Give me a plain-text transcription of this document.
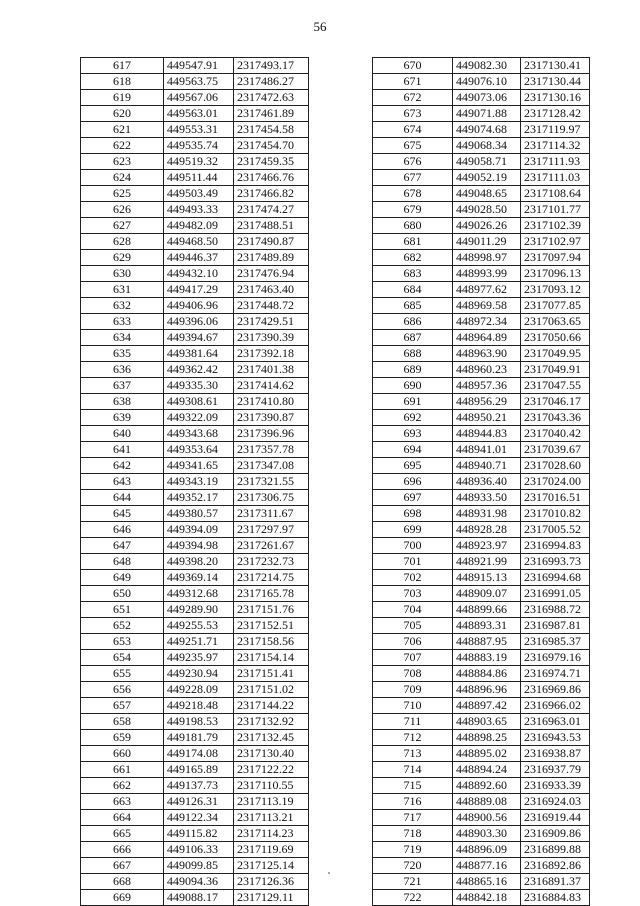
56
617	449547.91	2317493.17
618	449563.75	2317486.27
619	449567.06	2317472.63
620	449563.01	2317461.89
621	449553.31	2317454.58
622	449535.74	2317454.70
623	449519.32	2317459.35
624	449511.44	2317466.76
625	449503.49	2317466.82
626	449493.33	2317474.27
627	449482.09	2317488.51
628	449468.50	2317490.87
629	449446.37	2317489.89
630	449432.10	2317476.94
631	449417.29	2317463.40
632	449406.96	2317448.72
633	449396.06	2317429.51
634	449394.67	2317390.39
635	449381.64	2317392.18
636	449362.42	2317401.38
637	449335.30	2317414.62
638	449308.61	2317410.80
639	449322.09	2317390.87
640	449343.68	2317396.96
641	449353.64	2317357.78
642	449341.65	2317347.08
643	449343.19	2317321.55
644	449352.17	2317306.75
645	449380.57	2317311.67
646	449394.09	2317297.97
647	449394.98	2317261.67
648	449398.20	2317232.73
649	449369.14	2317214.75
650	449312.68	2317165.78
651	449289.90	2317151.76
652	449255.53	2317152.51
653	449251.71	2317158.56
654	449235.97	2317154.14
655	449230.94	2317151.41
656	449228.09	2317151.02
657	449218.48	2317144.22
658	449198.53	2317132.92
659	449181.79	2317132.45
660	449174.08	2317130.40
661	449165.89	2317122.22
662	449137.73	2317110.55
663	449126.31	2317113.19
664	449122.34	2317113.21
665	449115.82	2317114.23
666	449106.33	2317119.69
667	449099.85	2317125.14
668	449094.36	2317126.36
669	449088.17	2317129.11
670	449082.30	2317130.41
671	449076.10	2317130.44
672	449073.06	2317130.16
673	449071.88	2317128.42
674	449074.68	2317119.97
675	449068.34	2317114.32
676	449058.71	2317111.93
677	449052.19	2317111.03
678	449048.65	2317108.64
679	449028.50	2317101.77
680	449026.26	2317102.39
681	449011.29	2317102.97
682	448998.97	2317097.94
683	448993.99	2317096.13
684	448977.62	2317093.12
685	448969.58	2317077.85
686	448972.34	2317063.65
687	448964.89	2317050.66
688	448963.90	2317049.95
689	448960.23	2317049.91
690	448957.36	2317047.55
691	448956.29	2317046.17
692	448950.21	2317043.36
693	448944.83	2317040.42
694	448941.01	2317039.67
695	448940.71	2317028.60
696	448936.40	2317024.00
697	448933.50	2317016.51
698	448931.98	2317010.82
699	448928.28	2317005.52
700	448923.97	2316994.83
701	448921.99	2316993.73
702	448915.13	2316994.68
703	448909.07	2316991.05
704	448899.66	2316988.72
705	448893.31	2316987.81
706	448887.95	2316985.37
707	448883.19	2316979.16
708	448884.86	2316974.71
709	448896.96	2316969.86
710	448897.42	2316966.02
711	448903.65	2316963.01
712	448898.25	2316943.53
713	448895.02	2316938.87
714	448894.24	2316937.79
715	448892.60	2316933.39
716	448889.08	2316924.03
717	448900.56	2316919.44
718	448903.30	2316909.86
719	448896.09	2316899.88
720	448877.16	2316892.86
721	448865.16	2316891.37
722	448842.18	2316884.83
